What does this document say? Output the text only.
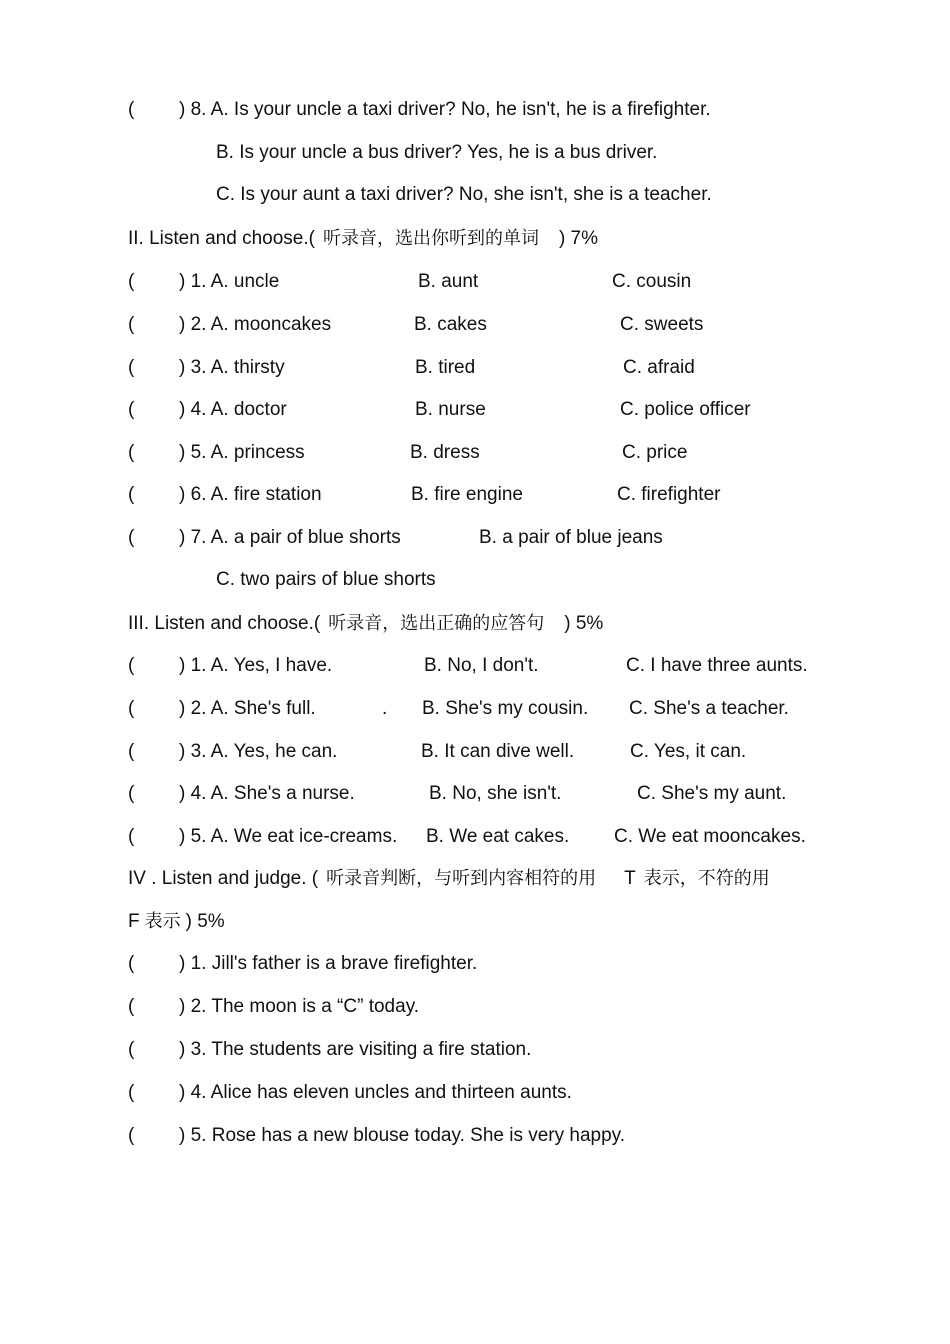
( ) 8. A. Is your uncle a taxi driver? No, he isn't, he is a firefighter.
B. Is your uncle a bus driver? Yes, he is a bus driver.
C. Is your aunt a taxi driver? No, she isn't, she is a teacher.
II. Listen and choose.( 听录音，选出你听到的单词 ) 7%
( ) 1. A. uncle	B. aunt	C. cousin
( ) 2. A. mooncakes	B. cakes	C. sweets
( ) 3. A. thirsty	B. tired	C. afraid
( ) 4. A. doctor	B. nurse	C. police officer
( ) 5. A. princess	B. dress	C. price
( ) 6. A. fire station	B. fire engine	C. firefighter
( ) 7. A. a pair of blue shorts	B. a pair of blue jeans
C. two pairs of blue shorts
III. Listen and choose.( 听录音，选出正确的应答句 ) 5%
( ) 1. A. Yes, I have.	B. No, I don't.	C. I have three aunts.
( ) 2. A. She's full.	. B. She's my cousin. C. She's a teacher.
( ) 3. A. Yes, he can.	B. It can dive well.	C. Yes, it can.
( ) 4. A. She's a nurse.	B. No, she isn't.	C. She's my aunt.
( ) 5. A. We eat ice-creams. B. We eat cakes. C. We eat mooncakes.
IV . Listen and judge. ( 听录音判断，与听到内容相符的用 T 表示，不符的用
F 表示 ) 5%
( ) 1. Jill's father is a brave firefighter.
( ) 2. The moon is a “C” today.
( ) 3. The students are visiting a fire station.
( ) 4. Alice has eleven uncles and thirteen aunts.
( ) 5. Rose has a new blouse today. She is very happy.
